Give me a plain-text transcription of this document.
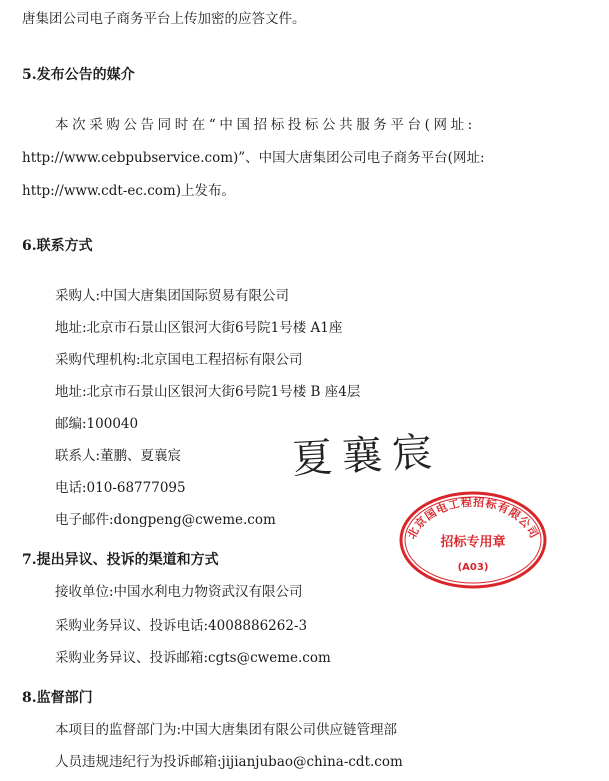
唐集团公司电子商务平台上传加密的应答文件。
5.发布公告的媒介
本次采购公告同时在“中国招标投标公共服务平台(网址:
http://www.cebpubservice.com)”、中国大唐集团公司电子商务平台(网址:
http://www.cdt-ec.com)上发布。
6.联系方式
采购人:中国大唐集团国际贸易有限公司
地址:北京市石景山区银河大街6号院1号楼 A1座
采购代理机构:北京国电工程招标有限公司
地址:北京市石景山区银河大街6号院1号楼 B 座4层
邮编:100040
联系人:董鹏、夏襄宸
电话:010-68777095
电子邮件:dongpeng@cweme.com
7.提出异议、投诉的渠道和方式
接收单位:中国水利电力物资武汉有限公司
采购业务异议、投诉电话:4008886262-3
采购业务异议、投诉邮箱:cgts@cweme.com
8.监督部门
本项目的监督部门为:中国大唐集团有限公司供应链管理部
人员违规违纪行为投诉邮箱:jijianjubao@china-cdt.com
夏襄宸
北京国电工程招标有限公司
招标专用章
(A03)
